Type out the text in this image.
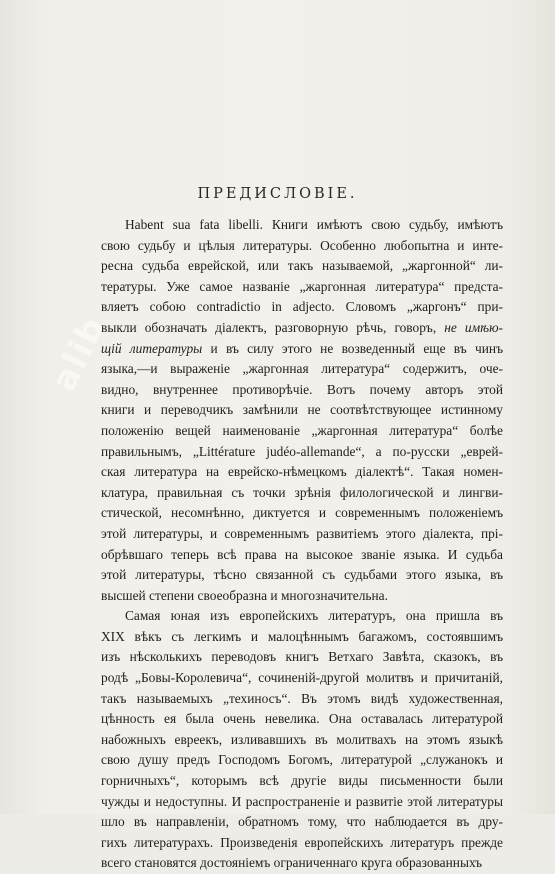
alib
ПРЕДИСЛОВIЕ.
Habent sua fata libelli. Книги имѣютъ свою судьбу, имѣютъ
свою судьбу и цѣлыя литературы. Особенно любопытна и инте-
ресна судьба еврейской, или такъ называемой, „жаргонной“ ли-
тературы. Уже самое названiе „жаргонная литература“ предста-
вляетъ собою contradictio in adjecto. Словомъ „жаргонъ“ при-
выкли обозначать дiалектъ, разговорную рѣчь, говоръ, не имѣю-
щiй литературы и въ силу этого не возведенный еще въ чинъ
языка,—и выраженiе „жаргонная литература“ содержитъ, оче-
видно, внутреннее противорѣчiе. Вотъ почему авторъ этой
книги и переводчикъ замѣнили не соотвѣтствующее истинному
положенiю вещей наименованiе „жаргонная литература“ болѣе
правильнымъ, „Littérature judéo-allemande“, а по-русски „еврей-
ская литература на еврейско-нѣмецкомъ дiалектѣ“. Такая номен-
клатура, правильная съ точки зрѣнiя филологической и лингви-
стической, несомнѣнно, диктуется и современнымъ положенiемъ
этой литературы, и современнымъ развитiемъ этого дiалекта, прi-
обрѣвшаго теперь всѣ права на высокое званiе языка. И судьба
этой литературы, тѣсно связанной съ судьбами этого языка, въ
высшей степени своеобразна и многозначительна.
Самая юная изъ европейскихъ литературъ, она пришла въ
XIX вѣкъ съ легкимъ и малоцѣннымъ багажомъ, состоявшимъ
изъ нѣсколькихъ переводовъ книгъ Ветхаго Завѣта, сказокъ, въ
родѣ „Бовы-Королевича“, сочиненiй-другой молитвъ и причитанiй,
такъ называемыхъ „техиносъ“. Въ этомъ видѣ художественная,
цѣнность ея была очень невелика. Она оставалась литературой
набожныхъ евреекъ, изливавшихъ въ молитвахъ на этомъ языкѣ
свою душу предъ Господомъ Богомъ, литературой „служанокъ и
горничныхъ“, которымъ всѣ другiе виды письменности были
чужды и недоступны. И распространенiе и развитiе этой литературы
шло въ направленiи, обратномъ тому, что наблюдается въ дру-
гихъ литературахъ. Произведенiя европейскихъ литературъ прежде
всего становятся достоянiемъ ограниченнаго круга образованныхъ
